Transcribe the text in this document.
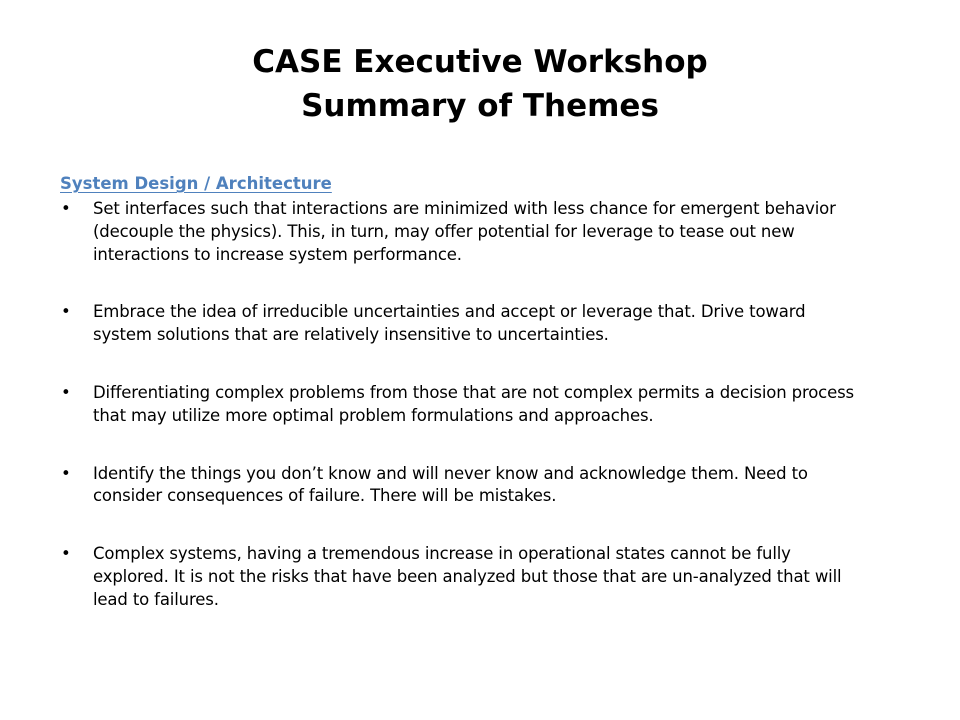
CASE Executive Workshop
Summary of Themes
System Design / Architecture
• Set interfaces such that interactions are minimized with less chance for emergent behavior (decouple the physics). This, in turn, may offer potential for leverage to tease out new interactions to increase system performance.
• Embrace the idea of irreducible uncertainties and accept or leverage that. Drive toward system solutions that are relatively insensitive to uncertainties.
• Differentiating complex problems from those that are not complex permits a decision process that may utilize more optimal problem formulations and approaches.
• Identify the things you don’t know and will never know and acknowledge them. Need to consider consequences of failure. There will be mistakes.
• Complex systems, having a tremendous increase in operational states cannot be fully explored. It is not the risks that have been analyzed but those that are un-analyzed that will lead to failures.
